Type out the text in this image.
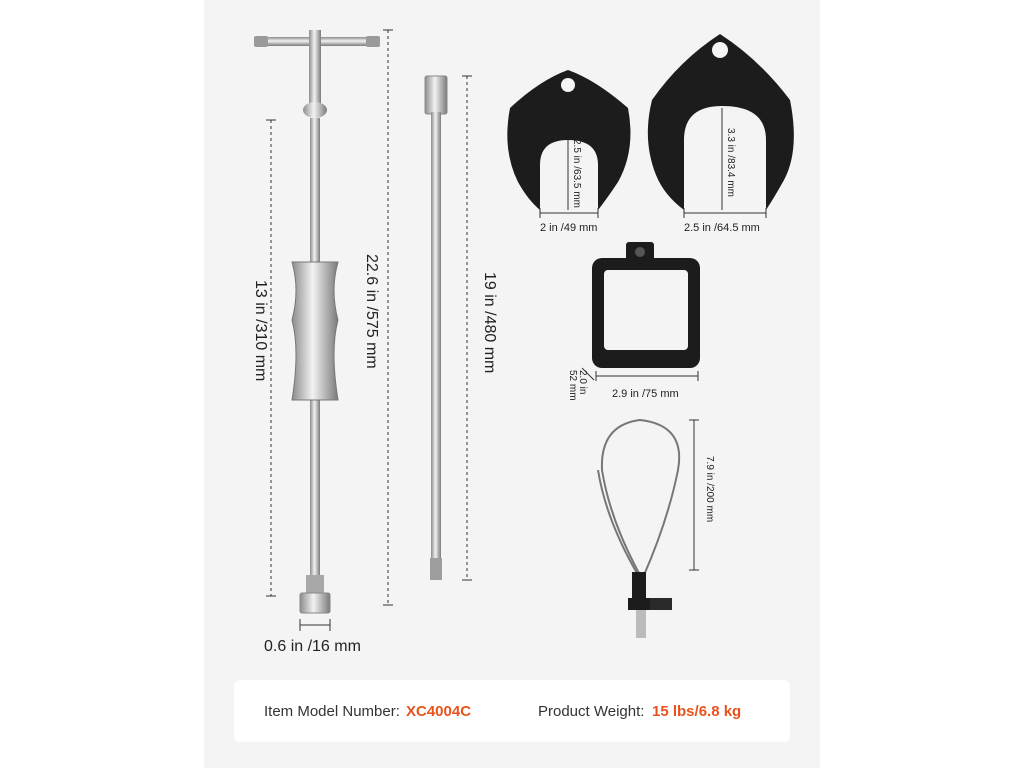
13 in /310 mm	22.6 in /575 mm	19 in /480 mm
0.6 in /16 mm
2.5 in /63.5 mm
2 in /49 mm
3.3 in /83.4 mm
2.5 in /64.5 mm
2.9 in /75 mm
2.0 in
52 mm
7.9 in /200 mm
Item Model Number: XC4004C	Product Weight: 15 lbs/6.8 kg
